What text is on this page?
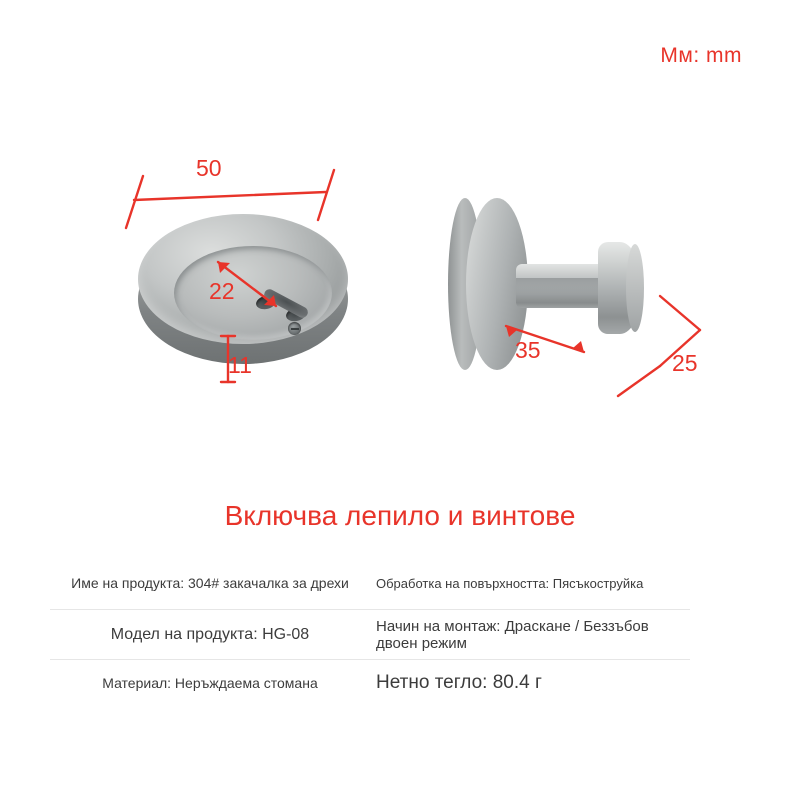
Мм: mm
50
22
11
35	25
Включва лепило и винтове
Име на продукта: 304# закачалка за дрехи
Модел на продукта: HG-08
Материал: Неръждаема стомана
Обработка на повърхността: Пясъкоструйка
Начин на монтаж: Драскане / Беззъбов двоен режим
Нетно тегло: 80.4 г
